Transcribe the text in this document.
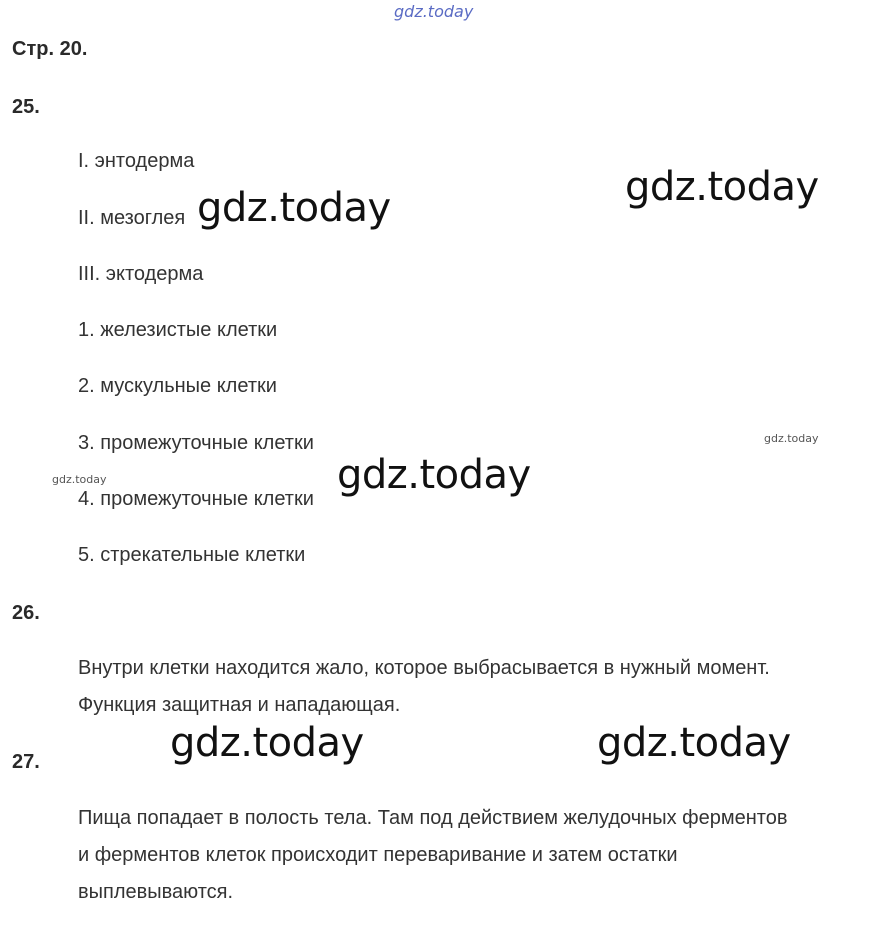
gdz.today
Стр. 20.
25.
I. энтодерма
II. мезоглея
III. эктодерма
1. железистые клетки
2. мускульные клетки
3. промежуточные клетки
4. промежуточные клетки
5. стрекательные клетки
26.
Внутри клетки находится жало, которое выбрасывается в нужный момент.
Функция защитная и нападающая.
27.
Пища попадает в полость тела. Там под действием желудочных ферментов
и ферментов клеток происходит переваривание и затем остатки
выплевываются.
gdz.today
gdz.today
gdz.today
gdz.today	gdz.today
gdz.today
gdz.today
